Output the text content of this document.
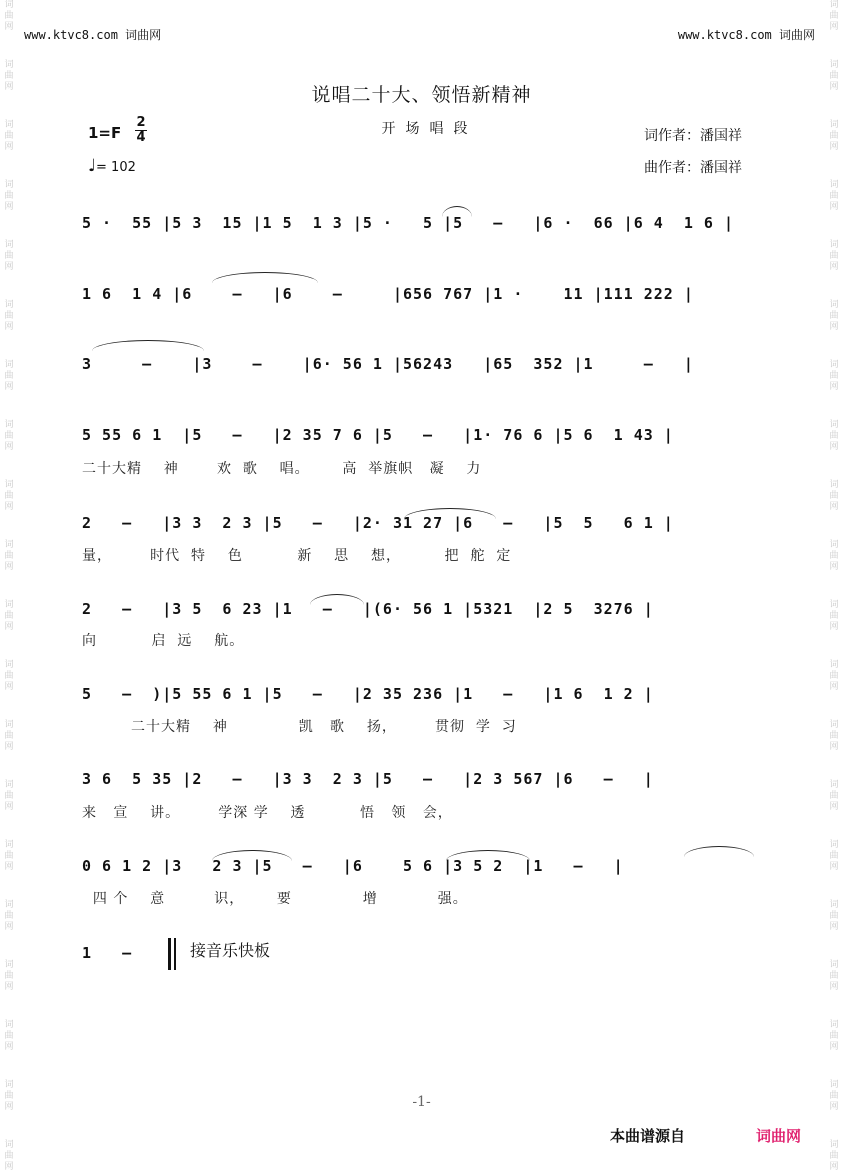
词
曲
网
词
曲
网
词
曲
网
词
曲
网
词
曲
网
词
曲
网
词
曲
网
词
曲
网
词
曲
网
词
曲
网
词
曲
网
词
曲
网
词
曲
网
词
曲
网
词
曲
网
词
曲
网
词
曲
网
词
曲
网
词
曲
网
词
曲
网
词
曲
网
词
曲
网
词
曲
网
词
曲
网
词
曲
网
词
曲
网
词
曲
网
词
曲
网
词
曲
网
词
曲
网
词
曲
网
词
曲
网
词
曲
网
词
曲
网
词
曲
网
词
曲
网
词
曲
网
词
曲
网
词
曲
网
词
曲
网
www.ktvc8.com 词曲网	www.ktvc8.com 词曲网
说唱二十大、领悟新精神
开场唱段
1=F
2
4
♩= 102
词作者：潘国祥
曲作者：潘国祥
5 ·  55 |5 3  15 |1 5  1 3 |5 ·   5 |5   –   |6 ·  66 |6 4  1 6 |
1 6  1 4 |6    –   |6    –     |656 767 |1 ·    11 |111 222 |
3     –    |3    –    |6· 56 1 |56243   |65  352 |1     –   |
5 55 6 1  |5   –   |2 35 7 6 |5   –   |1· 76 6 |5 6  1 43 |
二十大精    神       欢  歌    唱。      高  举旗帜   凝    力
2   –   |3 3  2 3 |5   –   |2· 31 27 |6   –   |5  5   6 1 |
量，       时代  特    色          新    思    想，        把  舵  定
2   –   |3 5  6 23 |1   –   |(6· 56 1 |5321  |2 5  3276 |
向          启  远    航。
5   –  )|5 55 6 1 |5   –   |2 35 236 |1   –   |1 6  1 2 |
二十大精    神             凯   歌    扬，       贯彻  学  习
3 6  5 35 |2   –   |3 3  2 3 |5   –   |2 3 567 |6   –   |
来   宣    讲。       学深 学    透          悟   领   会，
0 6 1 2 |3   2 3 |5   –   |6    5 6 |3 5 2  |1   –   |
四 个    意         识，      要             增           强。
1   – 接音乐快板
-1-
本曲谱源自	词曲网
